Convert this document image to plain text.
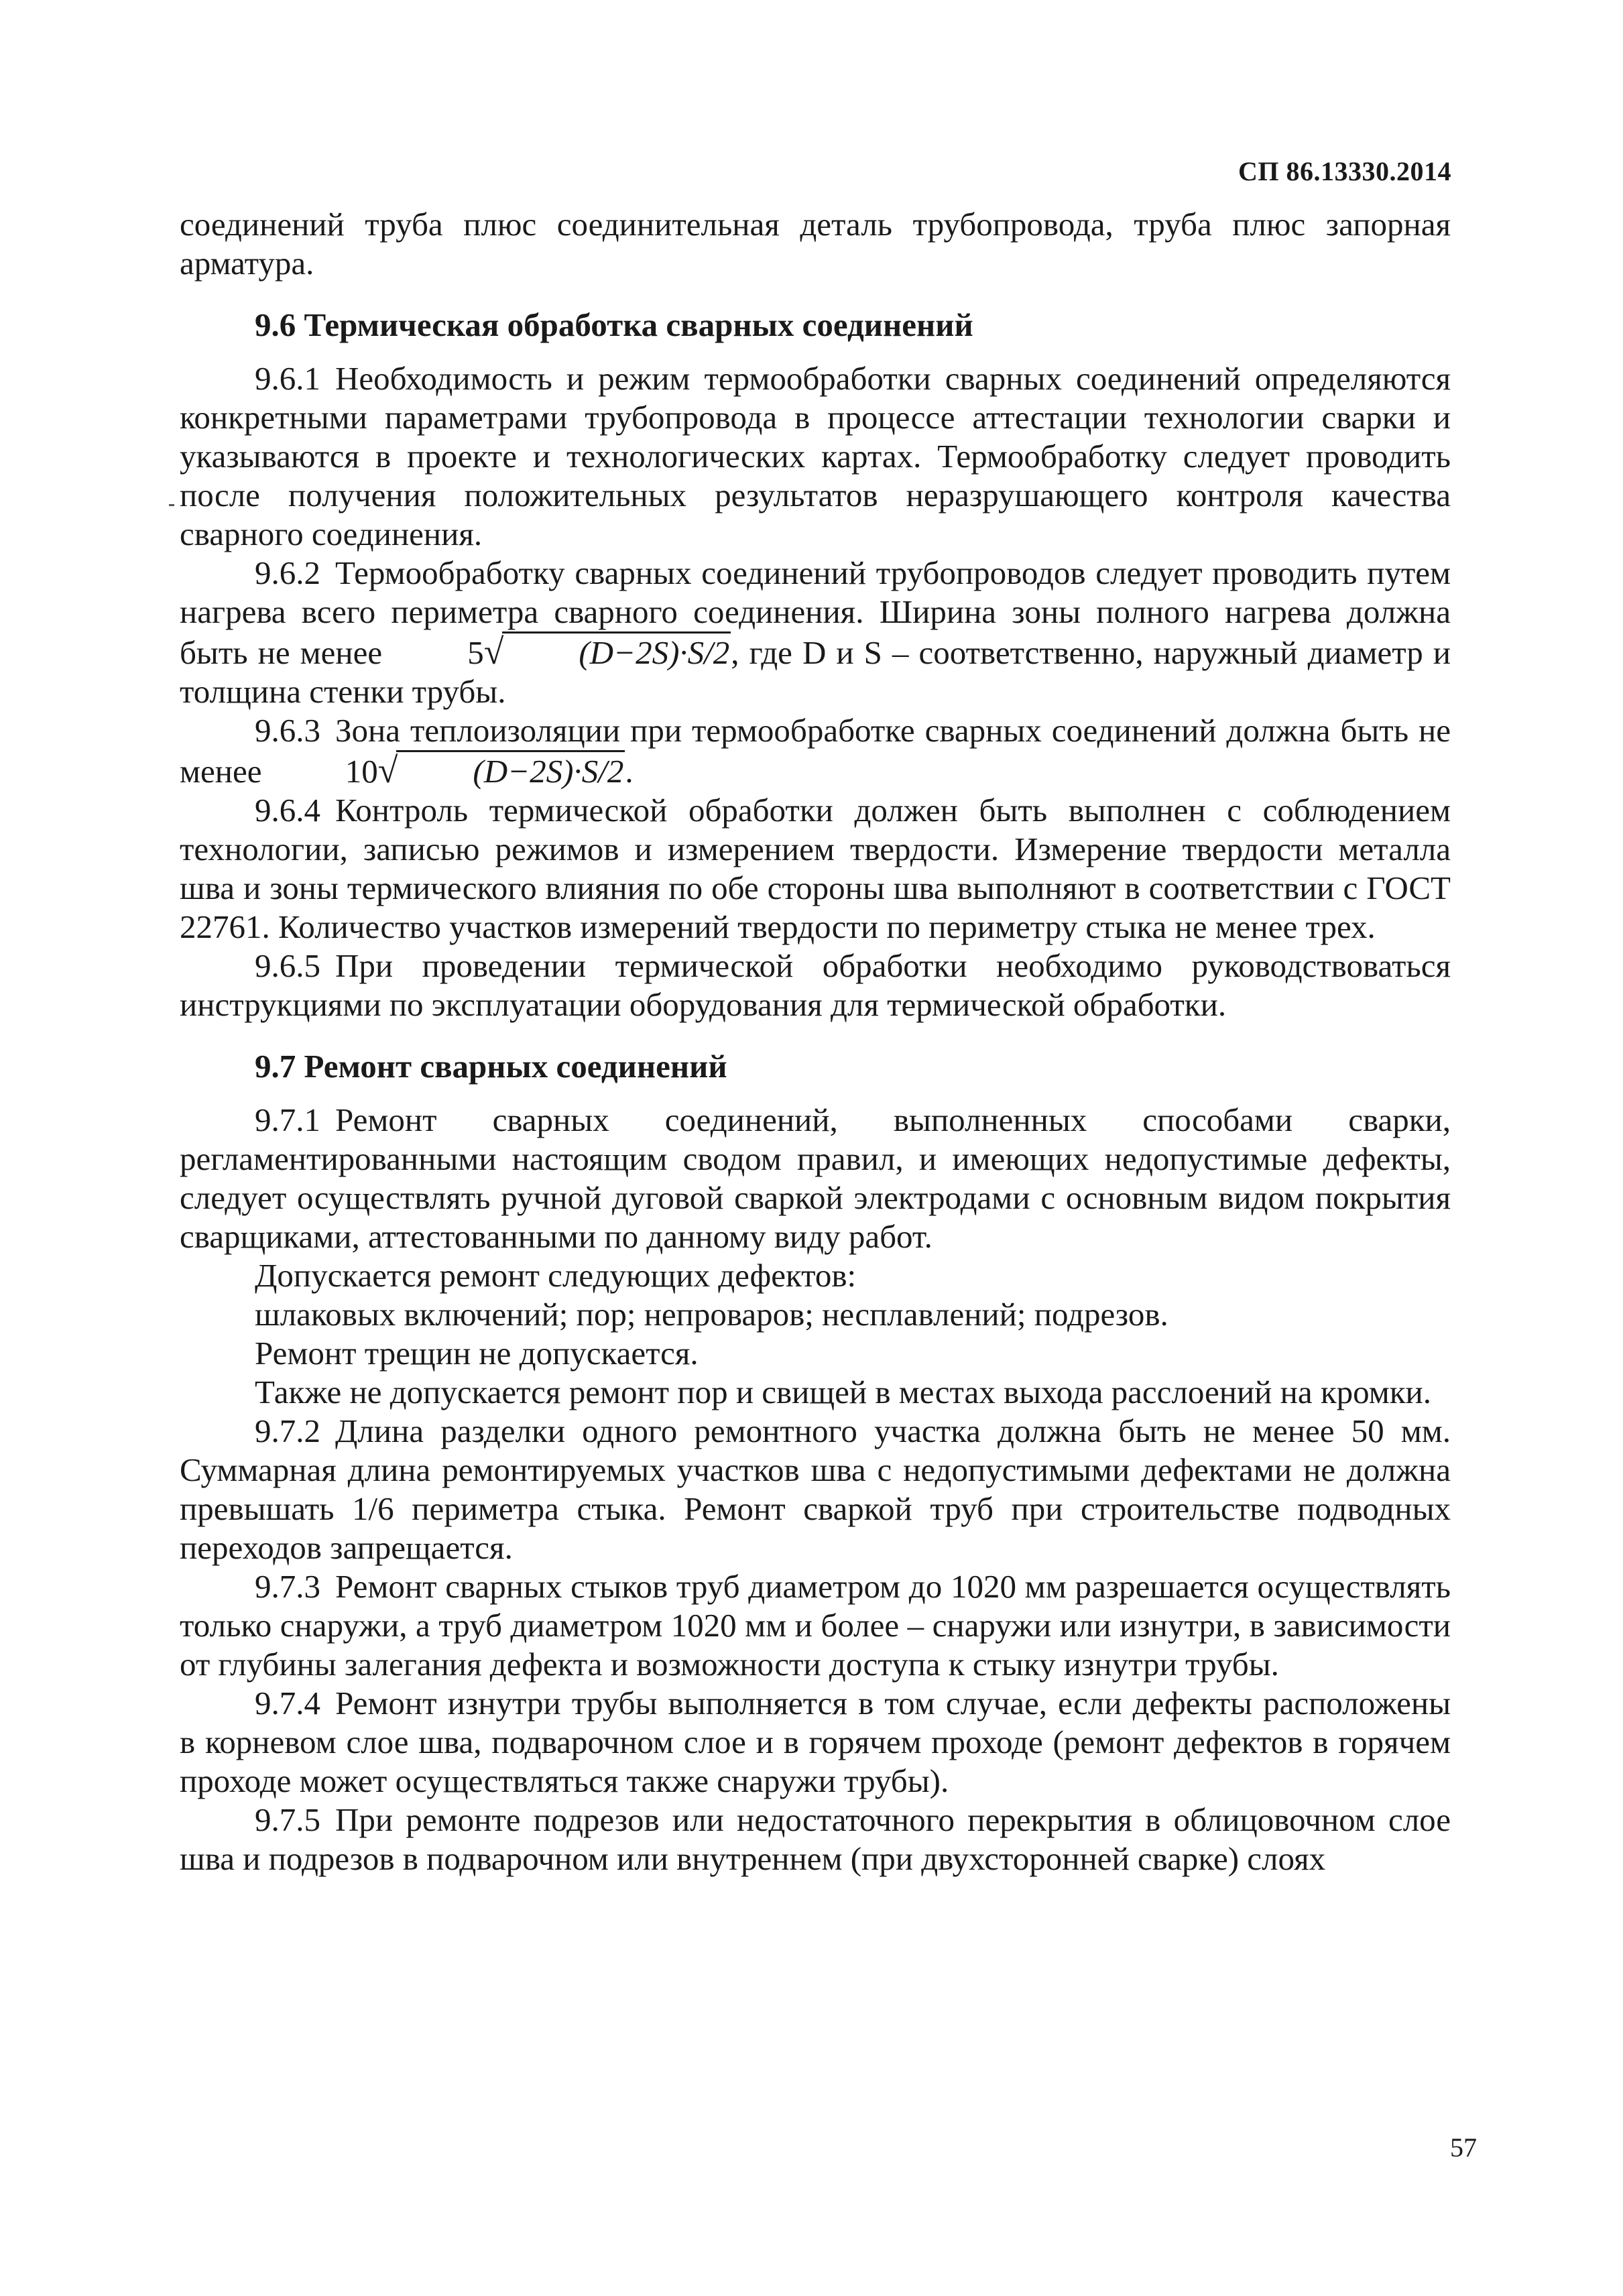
СП 86.13330.2014

соединений труба плюс соединительная деталь трубопровода, труба плюс запорная арматура.

9.6 Термическая обработка сварных соединений

9.6.1 Необходимость и режим термообработки сварных соединений определяются конкретными параметрами трубопровода в процессе аттестации технологии сварки и указываются в проекте и технологических картах. Термообработку следует проводить после получения положительных результатов неразрушающего контроля качества сварного соединения.

9.6.2 Термообработку сварных соединений трубопроводов следует проводить путем нагрева всего периметра сварного соединения. Ширина зоны полного нагрева должна быть не менее	5√ (D−2S)·S/2, где D и S – соответственно, наружный диаметр и толщина стенки трубы.

9.6.3 Зона теплоизоляции при термообработке сварных соединений должна быть не менее	10√ (D−2S)·S/2.

9.6.4 Контроль термической обработки должен быть выполнен с соблюдением технологии, записью режимов и измерением твердости. Измерение твердости металла шва и зоны термического влияния по обе стороны шва выполняют в соответствии с ГОСТ 22761. Количество участков измерений твердости по периметру стыка не менее трех.

9.6.5 При проведении термической обработки необходимо руководствоваться инструкциями по эксплуатации оборудования для термической обработки.

9.7 Ремонт сварных соединений

9.7.1 Ремонт сварных соединений, выполненных способами сварки, регламентированными настоящим сводом правил, и имеющих недопустимые дефекты, следует осуществлять ручной дуговой сваркой электродами с основным видом покрытия сварщиками, аттестованными по данному виду работ.

Допускается ремонт следующих дефектов:

шлаковых включений; пор; непроваров; несплавлений; подрезов.

Ремонт трещин не допускается.

Также не допускается ремонт пор и свищей в местах выхода расслоений на кромки.

9.7.2 Длина разделки одного ремонтного участка должна быть не менее 50 мм. Суммарная длина ремонтируемых участков шва с недопустимыми дефектами не должна превышать 1/6 периметра стыка. Ремонт сваркой труб при строительстве подводных переходов запрещается.

9.7.3 Ремонт сварных стыков труб диаметром до 1020 мм разрешается осуществлять только снаружи, а труб диаметром 1020 мм и более – снаружи или изнутри, в зависимости от глубины залегания дефекта и возможности доступа к стыку изнутри трубы.

9.7.4 Ремонт изнутри трубы выполняется в том случае, если дефекты расположены в корневом слое шва, подварочном слое и в горячем проходе (ремонт дефектов в горячем проходе может осуществляться также снаружи трубы).

9.7.5 При ремонте подрезов или недостаточного перекрытия в облицовочном слое шва и подрезов в подварочном или внутреннем (при двухсторонней сварке) слоях

57
